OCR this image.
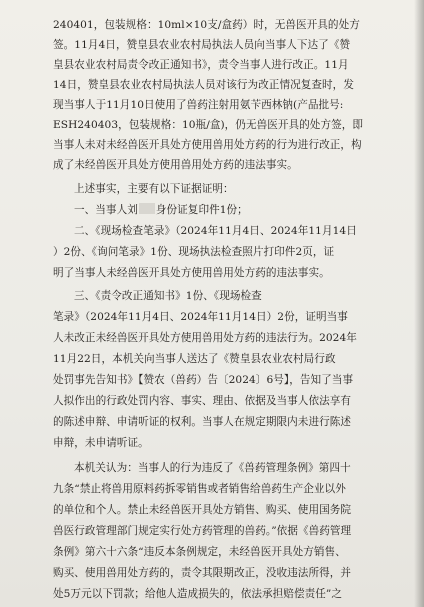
240401，包装规格：10ml×10支/盒药）时，无兽医开具的处方
签。11月4日，赞皇县农业农村局执法人员向当事人下达了《赞
皇县农业农村局责令改正通知书》，责令当事人进行改正。11月
14日，赞皇县农业农村局执法人员对该行为改正情况复查时，发
现当事人于11月10日使用了兽药注射用氨苄西林钠(产品批号:
ESH240403，包装规格：10瓶/盒)，仍无兽医开具的处方签，即
当事人未对未经兽医开具处方使用兽用处方药的行为进行改正，构
成了未经兽医开具处方使用兽用处方药的违法事实。
上述事实，主要有以下证据证明：
一、当事人刘 身份证复印件1份；
二、《现场检查笔录》（2024年11月4日、2024年11月14日
）2份、《询问笔录》1份、现场执法检查照片打印件2页，证
明了当事人未经兽医开具处方使用兽用处方药的违法事实。
三、《责令改正通知书》1份、《现场检查
笔录》（2024年11月4日、2024年11月14日）2份，证明当事
人未改正未经兽医开具处方使用兽用处方药的违法行为。2024年
11月22日，本机关向当事人送达了《赞皇县农业农村局行政
处罚事先告知书》【赞农（兽药）告〔2024〕6号】，告知了当事
人拟作出的行政处罚内容、事实、理由、依据及当事人依法享有
的陈述申辩、申请听证的权利。当事人在规定期限内未进行陈述
申辩，未申请听证。
本机关认为：当事人的行为违反了《兽药管理条例》第四十
九条“禁止将兽用原料药拆零销售或者销售给兽药生产企业以外
的单位和个人。禁止未经兽医开具处方销售、购买、使用国务院
兽医行政管理部门规定实行处方药管理的兽药。”依据《兽药管理
条例》第六十六条“违反本条例规定，未经兽医开具处方销售、
购买、使用兽用处方药的，责令其限期改正，没收违法所得，并
处5万元以下罚款；给他人造成损失的，依法承担赔偿责任”之
